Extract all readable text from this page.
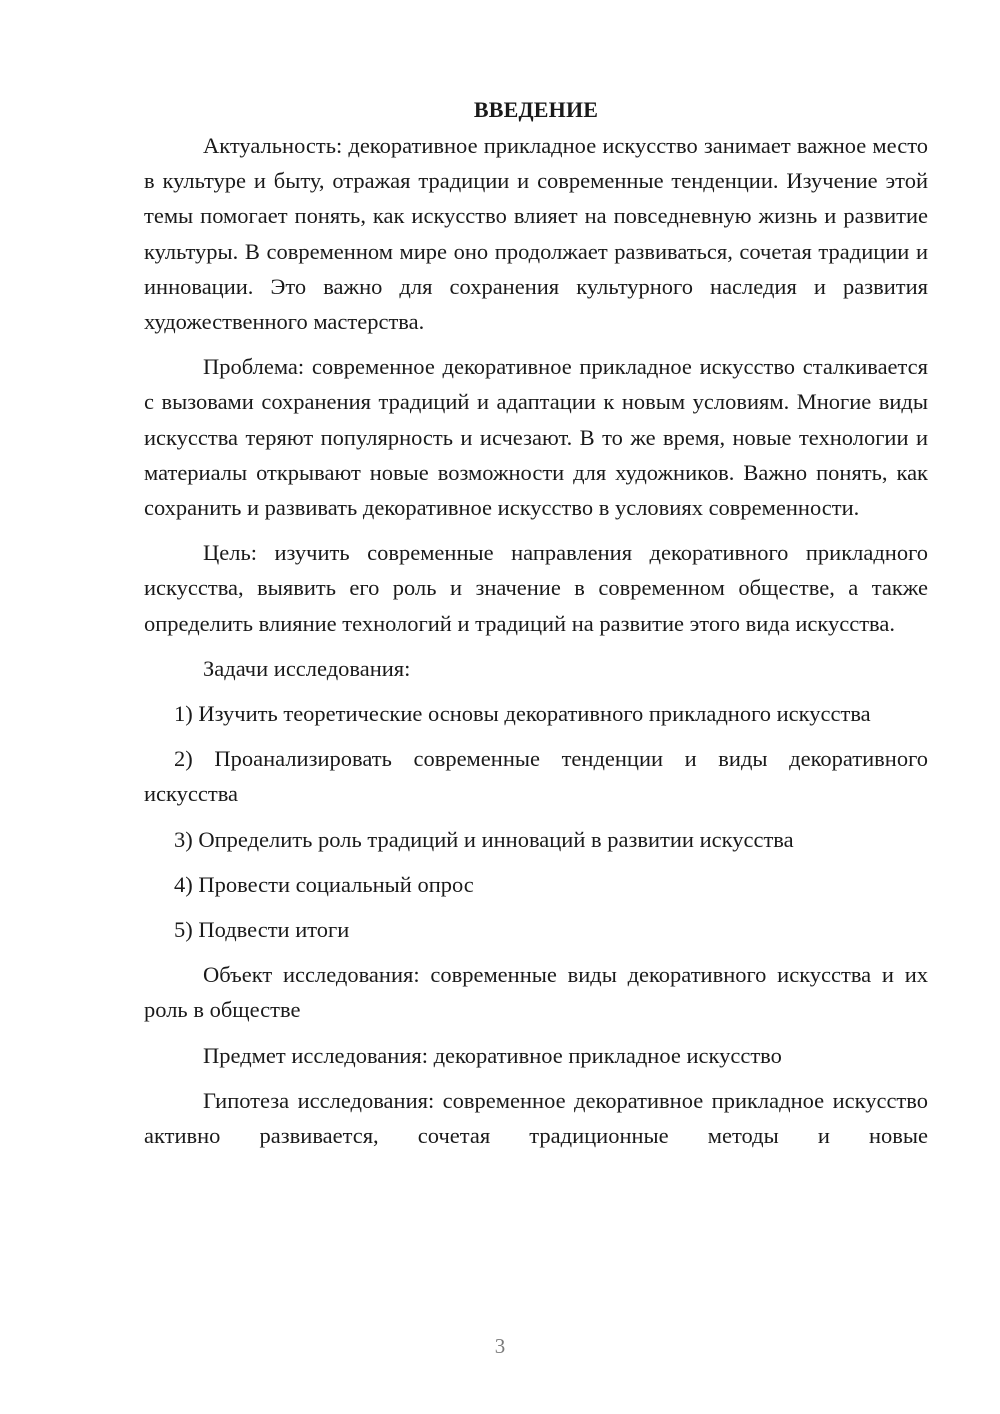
ВВЕДЕНИЕ

Актуальность: декоративное прикладное искусство занимает важное место в культуре и быту, отражая традиции и современные тенденции. Изучение этой темы помогает понять, как искусство влияет на повседневную жизнь и развитие культуры. В современном мире оно продолжает развиваться, сочетая традиции и инновации. Это важно для сохранения культурного наследия и развития художественного мастерства.

Проблема: современное декоративное прикладное искусство сталкивается с вызовами сохранения традиций и адаптации к новым условиям. Многие виды искусства теряют популярность и исчезают. В то же время, новые технологии и материалы открывают новые возможности для художников. Важно понять, как сохранить и развивать декоративное искусство в условиях современности.

Цель: изучить современные направления декоративного прикладного искусства, выявить его роль и значение в современном обществе, а также определить влияние технологий и традиций на развитие этого вида искусства.

Задачи исследования:

1) Изучить теоретические основы декоративного прикладного искусства

2) Проанализировать современные тенденции и виды декоративного искусства

3) Определить роль традиций и инноваций в развитии искусства

4) Провести социальный опрос

5) Подвести итоги

Объект исследования: современные виды декоративного искусства и их роль в обществе

Предмет исследования: декоративное прикладное искусство

Гипотеза исследования: современное декоративное прикладное искусство активно развивается, сочетая традиционные методы и новые

3
